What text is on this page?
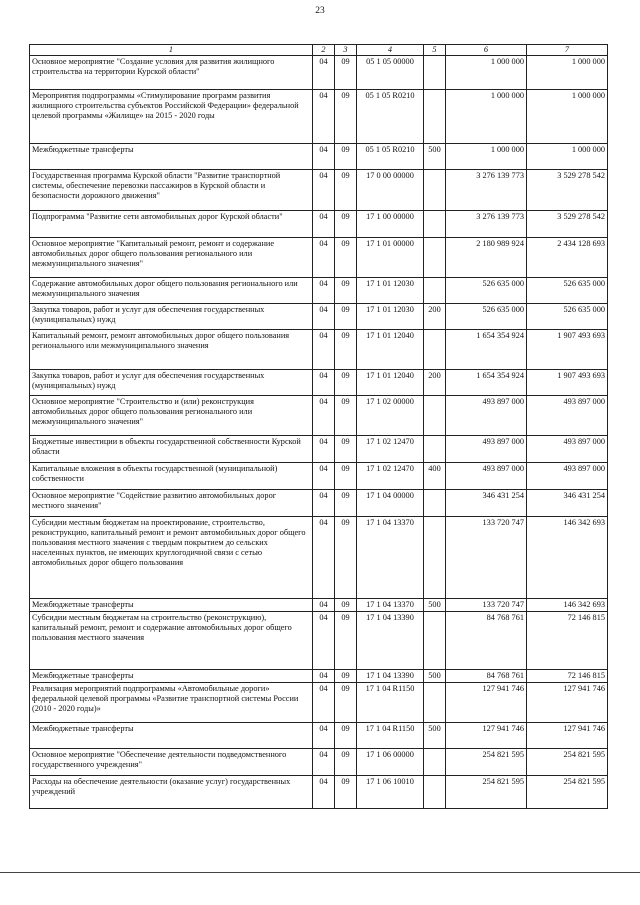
23
1	2	3	4	5	6	7
Основное мероприятие "Создание условия для развития жилищного строительства на территории Курской области"	04	09	05 1 05 00000		1 000 000	1 000 000
Мероприятия подпрограммы «Стимулирование программ развития жилищного строительства субъектов Российской Федерации» федеральной целевой программы «Жилище» на 2015 - 2020 годы	04	09	05 1 05 R0210		1 000 000	1 000 000
Межбюджетные трансферты	04	09	05 1 05 R0210	500	1 000 000	1 000 000
Государственная программа Курской области "Развитие транспортной системы, обеспечение перевозки пассажиров в Курской области и безопасности дорожного движения"	04	09	17 0 00 00000		3 276 139 773	3 529 278 542
Подпрограмма "Развитие сети автомобильных дорог Курской области"	04	09	17 1 00 00000		3 276 139 773	3 529 278 542
Основное мероприятие "Капитальный ремонт, ремонт и содержание автомобильных дорог общего пользования регионального или межмуниципального значения"	04	09	17 1 01 00000		2 180 989 924	2 434 128 693
Содержание автомобильных дорог общего пользования регионального или межмуниципального значения	04	09	17 1 01 12030		526 635 000	526 635 000
Закупка товаров, работ и услуг для обеспечения государственных (муниципальных) нужд	04	09	17 1 01 12030	200	526 635 000	526 635 000
Капитальный ремонт, ремонт автомобильных дорог общего пользования регионального или межмуниципального значения	04	09	17 1 01 12040		1 654 354 924	1 907 493 693
Закупка товаров, работ и услуг для обеспечения государственных (муниципальных) нужд	04	09	17 1 01 12040	200	1 654 354 924	1 907 493 693
Основное мероприятие "Строительство и (или) реконструкция автомобильных дорог общего пользования регионального или межмуниципального значения"	04	09	17 1 02 00000		493 897 000	493 897 000
Бюджетные инвестиции в объекты государственной собственности Курской области	04	09	17 1 02 12470		493 897 000	493 897 000
Капитальные вложения в объекты государственной (муниципальной) собственности	04	09	17 1 02 12470	400	493 897 000	493 897 000
Основное мероприятие "Содействие развитию автомобильных дорог местного значения"	04	09	17 1 04 00000		346 431 254	346 431 254
Субсидии местным бюджетам на проектирование, строительство, реконструкцию, капитальный ремонт и ремонт автомобильных дорог общего пользования местного значения с твердым покрытием до сельских населенных пунктов, не имеющих круглогодичной связи с сетью автомобильных дорог общего пользования	04	09	17 1 04 13370		133 720 747	146 342 693
Межбюджетные трансферты	04	09	17 1 04 13370	500	133 720 747	146 342 693
Субсидии местным бюджетам на строительство (реконструкцию), капитальный ремонт, ремонт и содержание автомобильных дорог общего пользования местного значения	04	09	17 1 04 13390		84 768 761	72 146 815
Межбюджетные трансферты	04	09	17 1 04 13390	500	84 768 761	72 146 815
Реализация мероприятий подпрограммы «Автомобильные дороги» федеральной целевой программы «Развитие транспортной системы России (2010 - 2020 годы)»	04	09	17 1 04 R1150		127 941 746	127 941 746
Межбюджетные трансферты	04	09	17 1 04 R1150	500	127 941 746	127 941 746
Основное мероприятие "Обеспечение деятельности подведомственного государственного учреждения"	04	09	17 1 06 00000		254 821 595	254 821 595
Расходы на обеспечение деятельности (оказание услуг) государственных учреждений	04	09	17 1 06 10010		254 821 595	254 821 595
